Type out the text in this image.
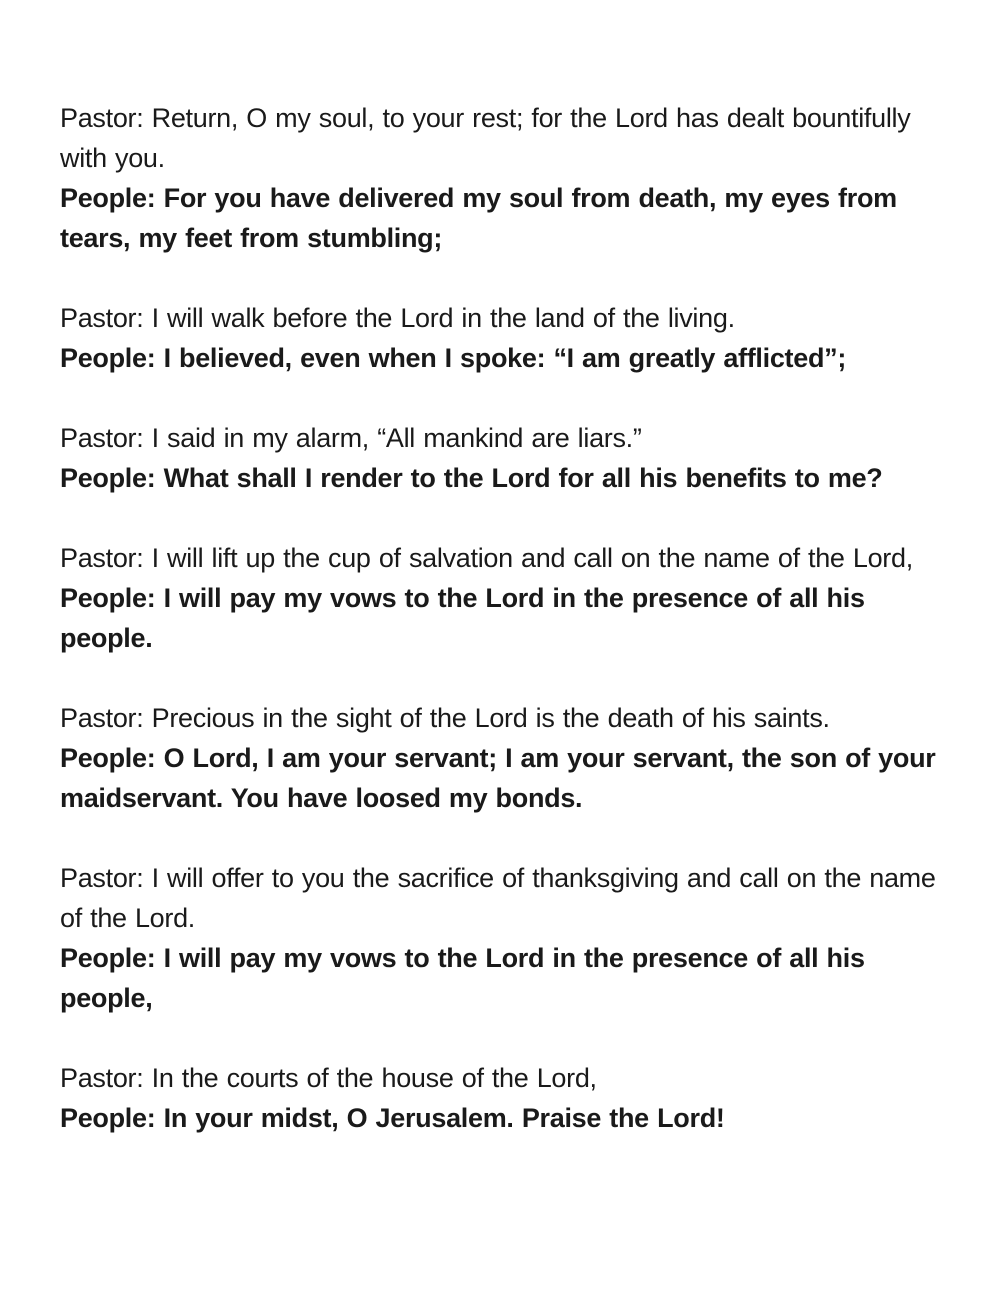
Pastor: Return, O my soul, to your rest; for the Lord has dealt bountifully with you.

People: For you have delivered my soul from death, my eyes from tears, my feet from stumbling;

Pastor: I will walk before the Lord in the land of the living.

People: I believed, even when I spoke: “I am greatly afflicted”;

Pastor: I said in my alarm, “All mankind are liars.”

People: What shall I render to the Lord for all his benefits to me?

Pastor: I will lift up the cup of salvation and call on the name of the Lord,

People: I will pay my vows to the Lord in the presence of all his people.

Pastor: Precious in the sight of the Lord is the death of his saints.

People: O Lord, I am your servant; I am your servant, the son of your maidservant. You have loosed my bonds.

Pastor: I will offer to you the sacrifice of thanksgiving and call on the name of the Lord.

People: I will pay my vows to the Lord in the presence of all his people,

Pastor: In the courts of the house of the Lord,

People: In your midst, O Jerusalem. Praise the Lord!
